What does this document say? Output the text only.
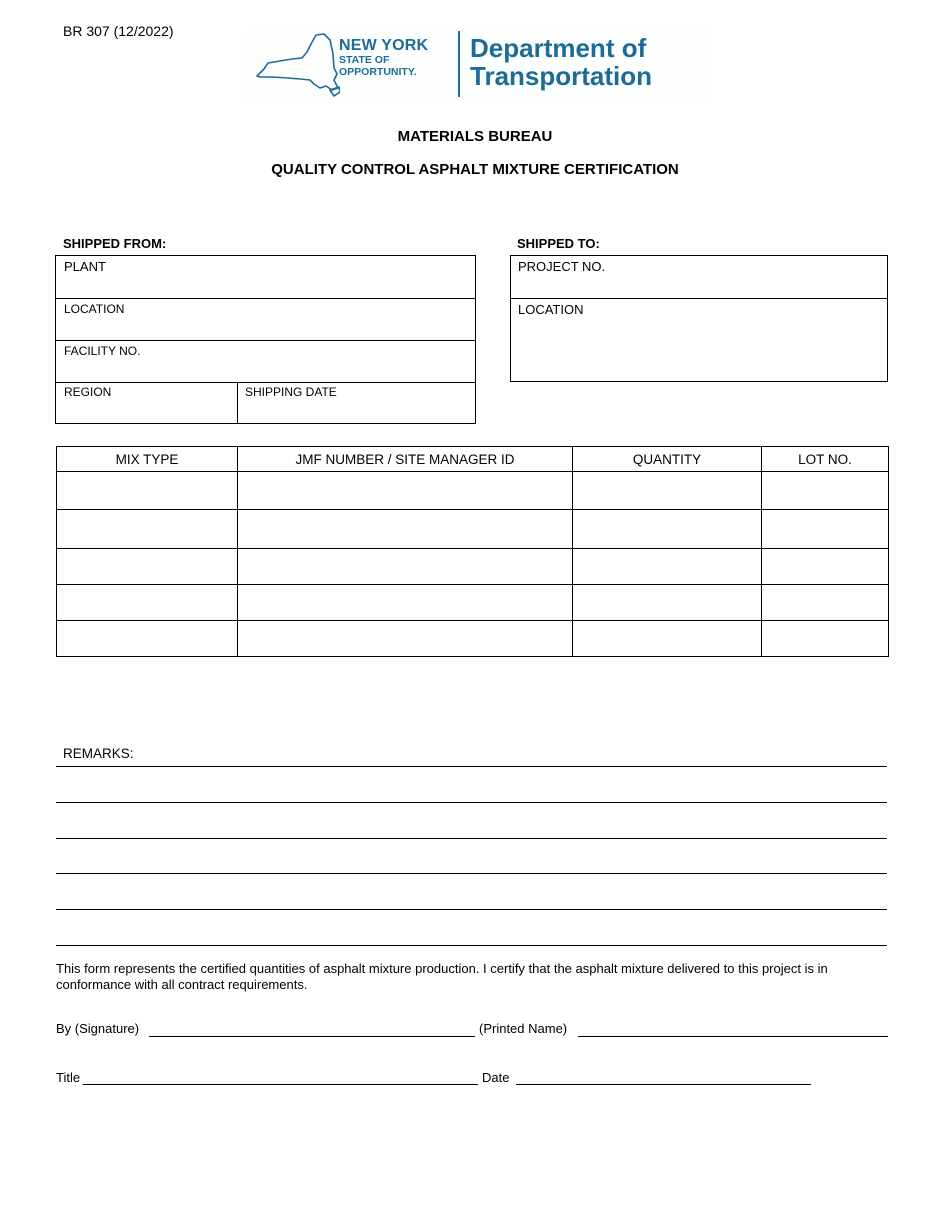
BR 307 (12/2022)
NEW YORK
STATE OF
OPPORTUNITY.
Department of
Transportation
MATERIALS BUREAU
QUALITY CONTROL ASPHALT MIXTURE CERTIFICATION
SHIPPED FROM:
PLANT
LOCATION
FACILITY NO.
REGION	SHIPPING DATE
SHIPPED TO:
PROJECT NO.
LOCATION
MIX TYPE	JMF NUMBER / SITE MANAGER ID	QUANTITY	LOT NO.

REMARKS:
This form represents the certified quantities of asphalt mixture production. I certify that the asphalt mixture delivered to this project is in conformance with all contract requirements.
By (Signature)	(Printed Name)
Title	Date
